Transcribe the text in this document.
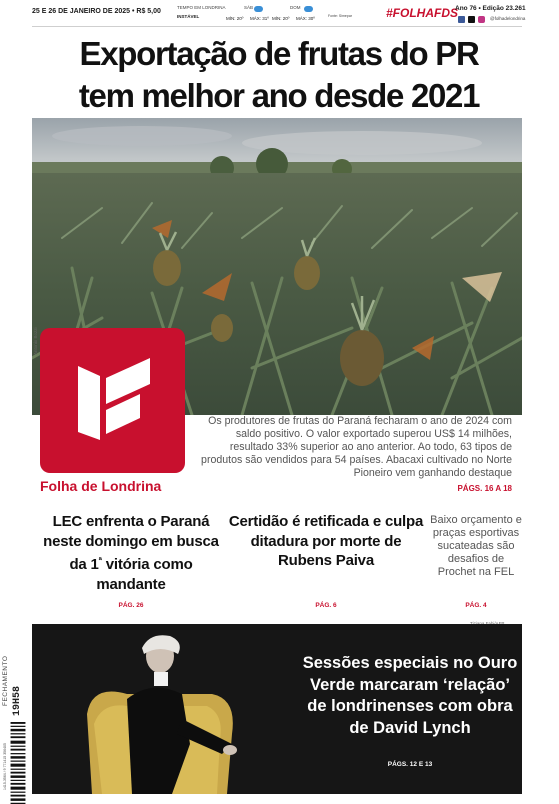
25 E 26 DE JANEIRO DE 2025 • R$ 5,00
TEMPO EM LONDRINA
INSTÁVEL
SÁB
MÍN: 20º MÁX: 31º
DOM
MÍN: 20º MÁX: 30º	Fonte: Simepar	#FOLHAFDS
Ano 76 • Edição 23.261
@folhadelondrina
Exportação de frutas do PR
tem melhor ano desde 2021
Antonio Bozzi
Folha de Londrina
Os produtores de frutas do Paraná fecharam o ano de 2024 com saldo positivo. O valor exportado superou US$ 14 milhões, resultado 33% superior ao ano anterior. Ao todo, 63 tipos de produtos são vendidos para 54 países. Abacaxi cultivado no Norte Pioneiro vem ganhando destaque
PÁGS. 16 A 18
LEC enfrenta o Paraná neste domingo em busca da $1^ª$ vitória como mandante
PÁG. 26
Certidão é retificada e culpa ditadura por morte de Rubens Paiva
PÁG. 6
Baixo orçamento e praças esportivas sucateadas são desafios de Prochet na FEL
PÁG. 4
Sessões especiais no Ouro Verde marcaram ‘relação’ de londrinenses com obra de David Lynch
PÁGS. 12 E 13
FECHAMENTO 19H58
1415-3564 / 9 771415 356405
